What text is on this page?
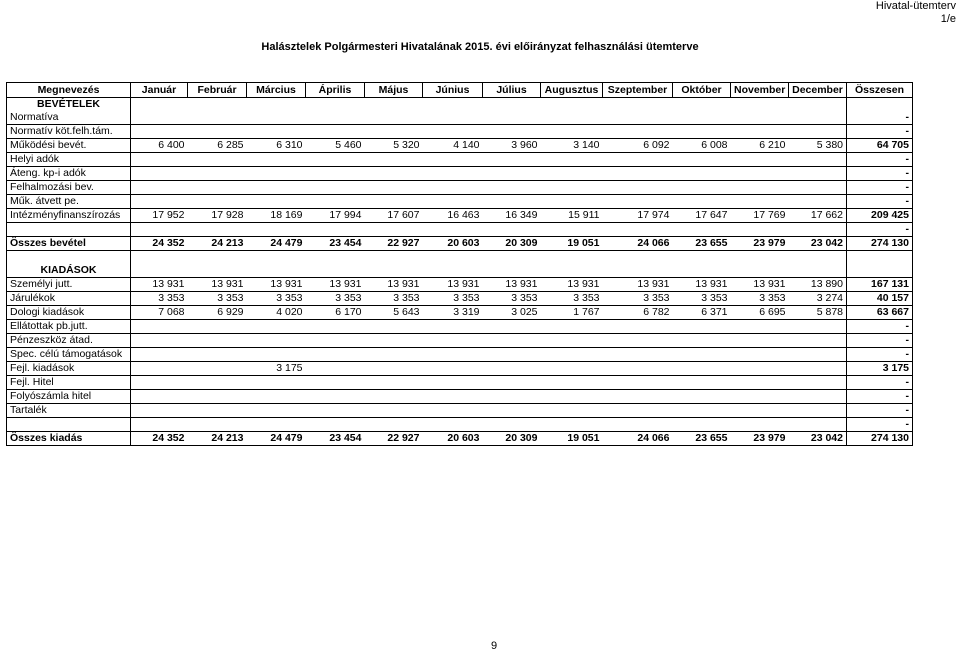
Hivatal-ütemterv
1/e
Halásztelek Polgármesteri Hivatalának 2015. évi előirányzat felhasználási ütemterve
Megnevezés	Január	Február	Március	Április	Május	Június	Július	Augusztus	Szeptember	Október	November	December	Összesen
BEVÉTELEK													
Normatíva													-
Normatív köt.felh.tám.													-
Működési bevét.	6 400	6 285	6 310	5 460	5 320	4 140	3 960	3 140	6 092	6 008	6 210	5 380	64 705
Helyi adók													-
Áteng. kp-i adók													-
Felhalmozási bev.													-
Műk. átvett pe.													-
Intézményfinanszírozás	17 952	17 928	18 169	17 994	17 607	16 463	16 349	15 911	17 974	17 647	17 769	17 662	209 425
													-
Összes bevétel	24 352	24 213	24 479	23 454	22 927	20 603	20 309	19 051	24 066	23 655	23 979	23 042	274 130

KIADÁSOK													
Személyi jutt.	13 931	13 931	13 931	13 931	13 931	13 931	13 931	13 931	13 931	13 931	13 931	13 890	167 131
Járulékok	3 353	3 353	3 353	3 353	3 353	3 353	3 353	3 353	3 353	3 353	3 353	3 274	40 157
Dologi kiadások	7 068	6 929	4 020	6 170	5 643	3 319	3 025	1 767	6 782	6 371	6 695	5 878	63 667
Ellátottak pb.jutt.													-
Pénzeszköz átad.													-
Spec. célú támogatások													-
Fejl. kiadások			3 175										3 175
Fejl. Hitel													-
Folyószámla hitel													-
Tartalék													-
													-
Összes kiadás	24 352	24 213	24 479	23 454	22 927	20 603	20 309	19 051	24 066	23 655	23 979	23 042	274 130
9
